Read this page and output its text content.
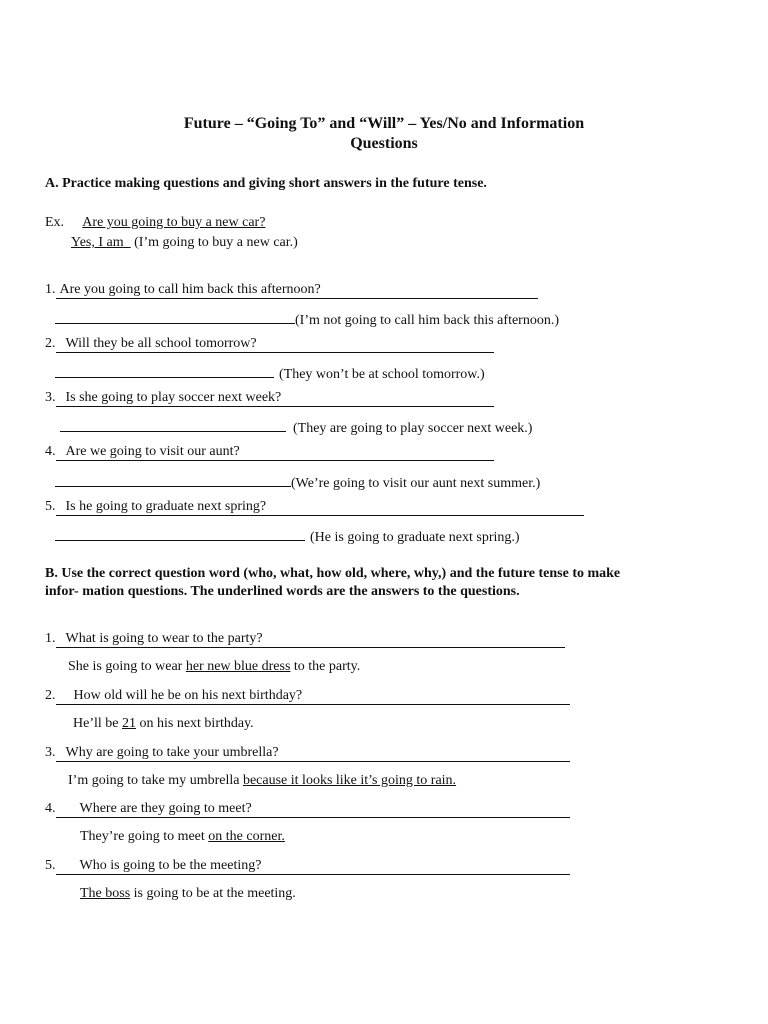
Future – “Going To” and “Will” – Yes/No and Information
Questions
A. Practice making questions and giving short answers in the future tense.
Ex. Are you going to buy a new car?
Yes, I am (I’m going to buy a new car.)
1. Are you going to call him back this afternoon?
(I’m not going to call him back this afternoon.)
2. Will they be all school tomorrow?
(They won’t be at school tomorrow.)
3. Is she going to play soccer next week?
(They are going to play soccer next week.)
4. Are we going to visit our aunt?
(We’re going to visit our aunt next summer.)
5. Is he going to graduate next spring?
(He is going to graduate next spring.)
B. Use the correct question word (who, what, how old, where, why,) and the future tense to make
infor- mation questions. The underlined words are the answers to the questions.
1. What is going to wear to the party?
She is going to wear her new blue dress to the party.
2. How old will he be on his next birthday?
He’ll be 21 on his next birthday.
3. Why are going to take your umbrella?
I’m going to take my umbrella because it looks like it’s going to rain.
4. Where are they going to meet?
They’re going to meet on the corner.
5. Who is going to be the meeting?
The boss is going to be at the meeting.
